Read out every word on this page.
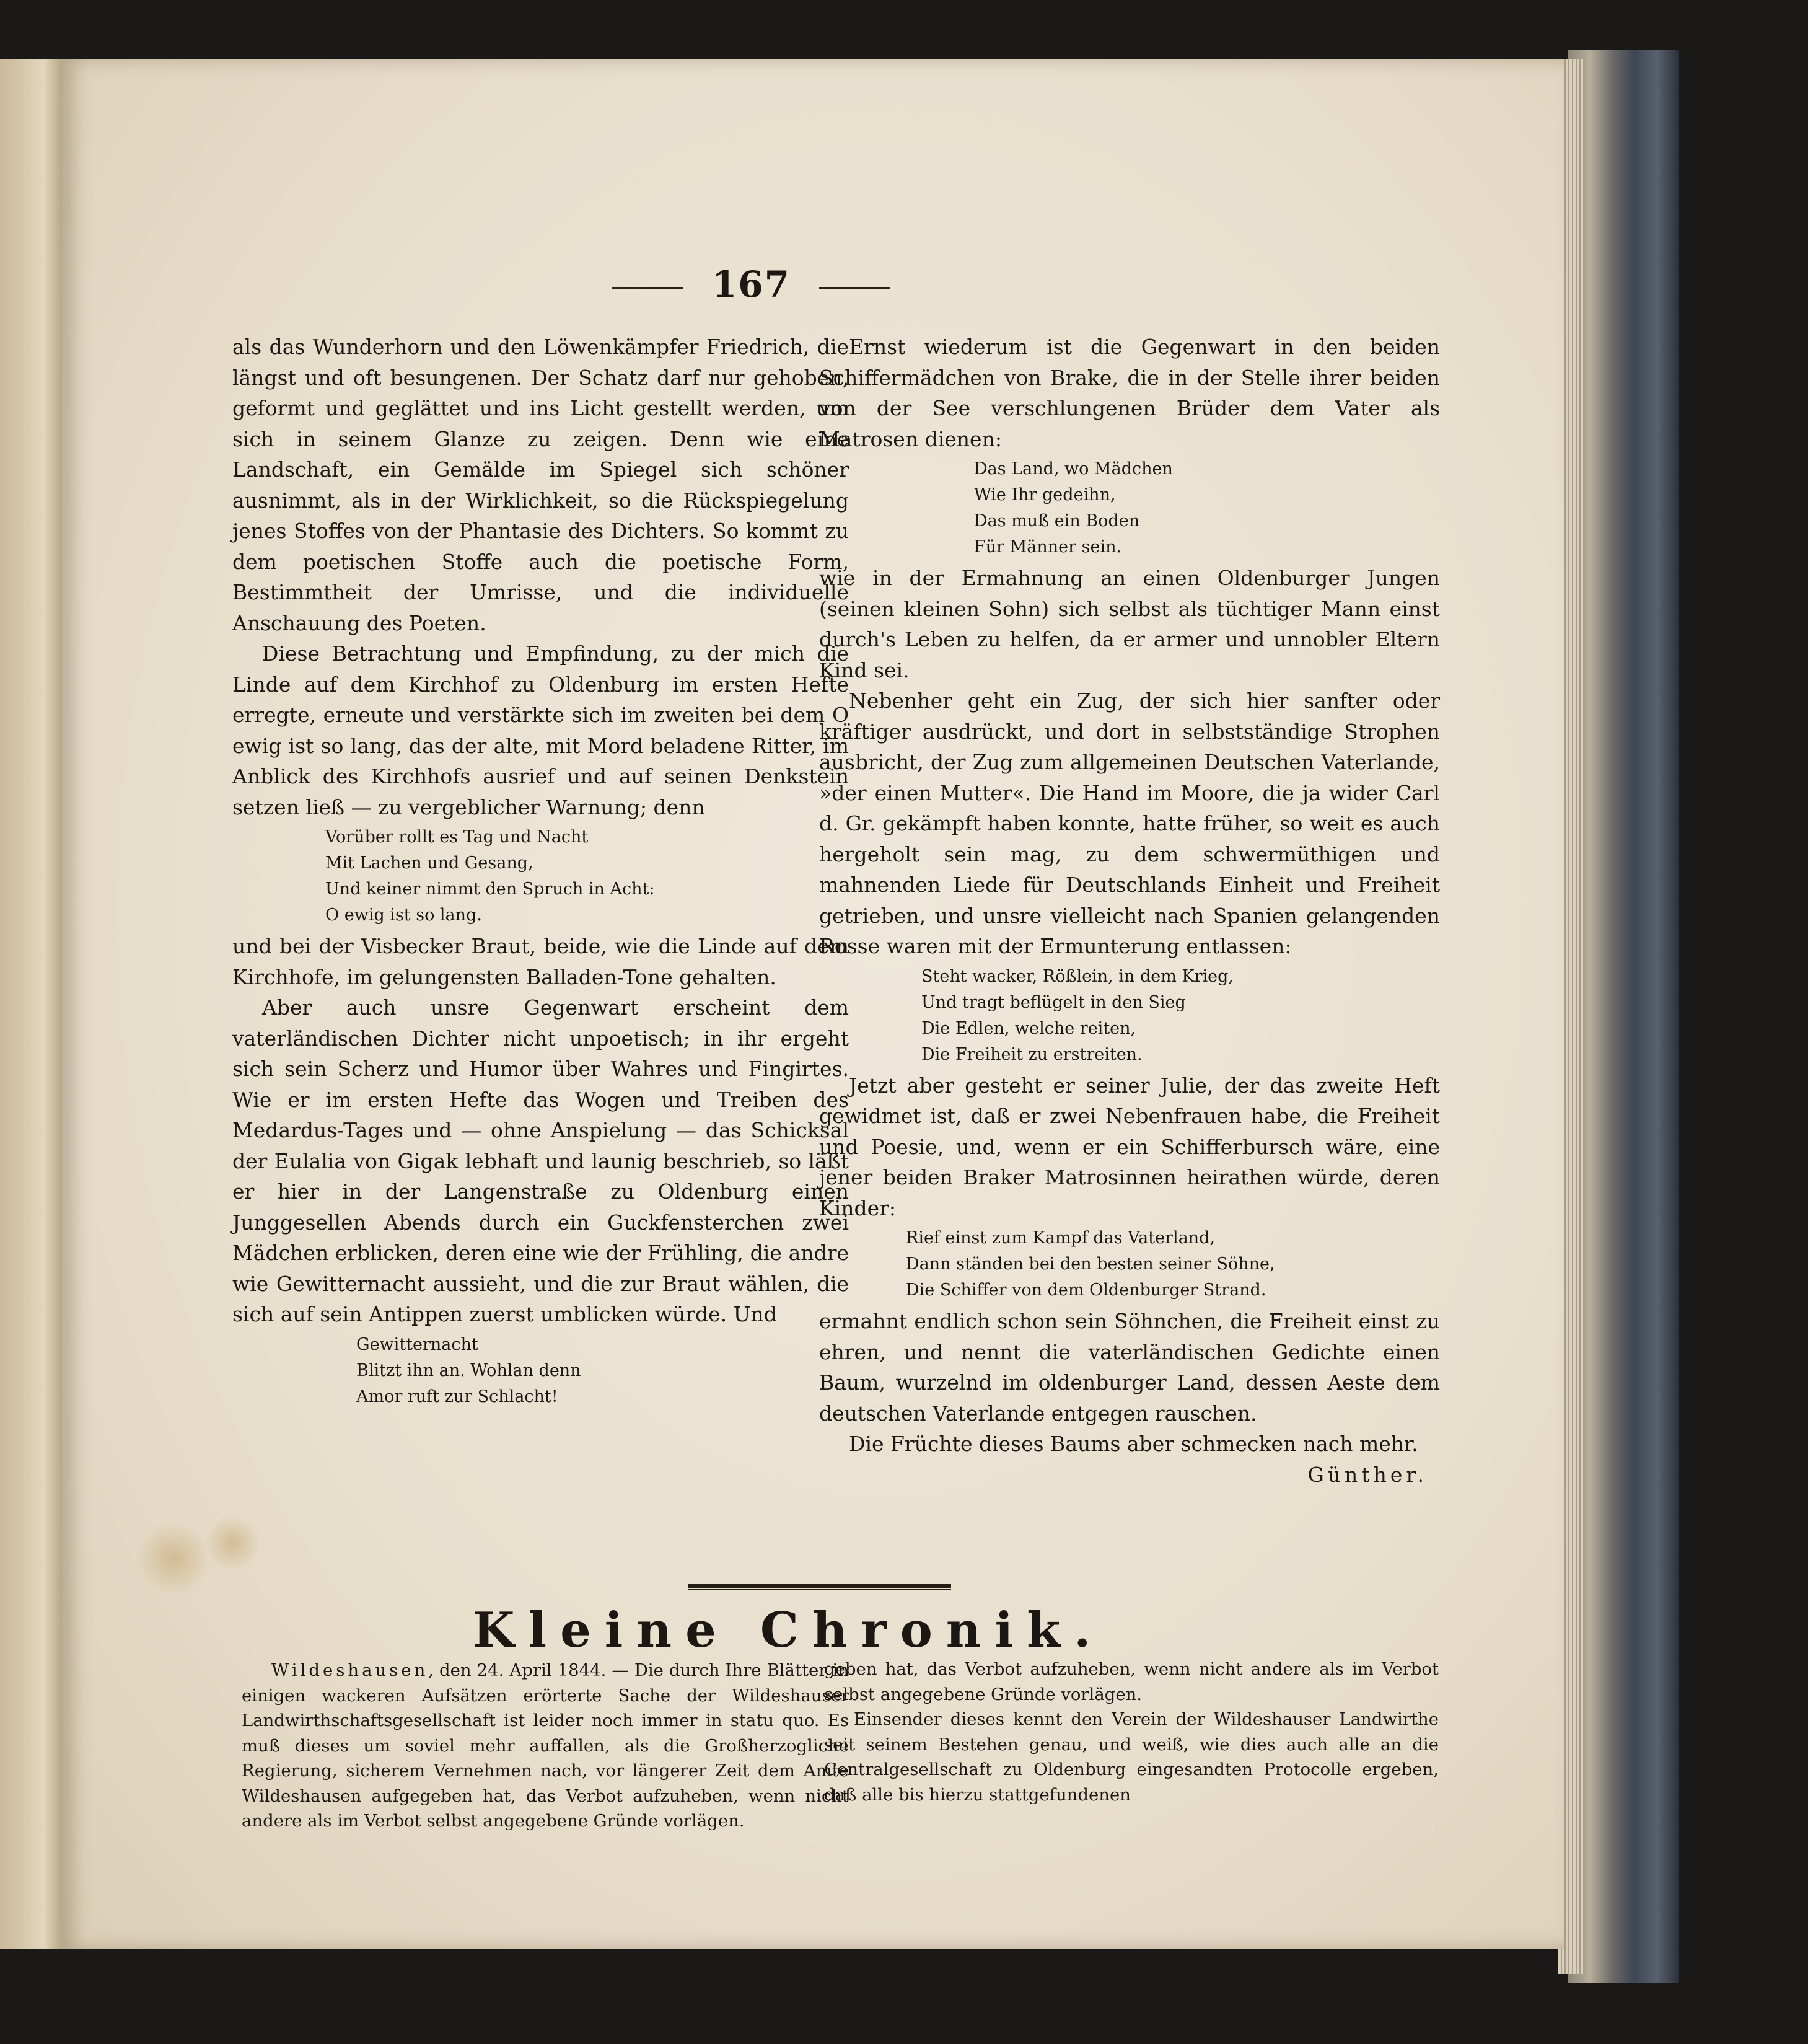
167

als das Wunderhorn und den Löwenkämpfer Friedrich, die längst und oft besungenen. Der Schatz darf nur gehoben, geformt und geglättet und ins Licht gestellt werden, um sich in seinem Glanze zu zeigen. Denn wie eine Landschaft, ein Gemälde im Spiegel sich schöner ausnimmt, als in der Wirklichkeit, so die Rückspiegelung jenes Stoffes von der Phantasie des Dichters. So kommt zu dem poetischen Stoffe auch die poetische Form, Bestimmtheit der Umrisse, und die individuelle Anschauung des Poeten.

Diese Betrachtung und Empfindung, zu der mich die Linde auf dem Kirchhof zu Oldenburg im ersten Hefte erregte, erneute und verstärkte sich im zweiten bei dem O ewig ist so lang, das der alte, mit Mord beladene Ritter, im Anblick des Kirchhofs ausrief und auf seinen Denkstein setzen ließ — zu vergeblicher Warnung; denn

Vorüber rollt es Tag und Nacht
Mit Lachen und Gesang,
Und keiner nimmt den Spruch in Acht:
O ewig ist so lang.

und bei der Visbecker Braut, beide, wie die Linde auf dem Kirchhofe, im gelungensten Balladen-Tone gehalten.

Aber auch unsre Gegenwart erscheint dem vaterländischen Dichter nicht unpoetisch; in ihr ergeht sich sein Scherz und Humor über Wahres und Fingirtes. Wie er im ersten Hefte das Wogen und Treiben des Medardus-Tages und — ohne Anspielung — das Schicksal der Eulalia von Gigak lebhaft und launig beschrieb, so läßt er hier in der Langenstraße zu Oldenburg einen Junggesellen Abends durch ein Guckfensterchen zwei Mädchen erblicken, deren eine wie der Frühling, die andre wie Gewitternacht aussieht, und die zur Braut wählen, die sich auf sein Antippen zuerst umblicken würde. Und

Gewitternacht
Blitzt ihn an. Wohlan denn
Amor ruft zur Schlacht!

Ernst wiederum ist die Gegenwart in den beiden Schiffermädchen von Brake, die in der Stelle ihrer beiden von der See verschlungenen Brüder dem Vater als Matrosen dienen:

Das Land, wo Mädchen
Wie Ihr gedeihn,
Das muß ein Boden
Für Männer sein.

wie in der Ermahnung an einen Oldenburger Jungen (seinen kleinen Sohn) sich selbst als tüchtiger Mann einst durch's Leben zu helfen, da er armer und unnobler Eltern Kind sei.

Nebenher geht ein Zug, der sich hier sanfter oder kräftiger ausdrückt, und dort in selbstständige Strophen ausbricht, der Zug zum allgemeinen Deutschen Vaterlande, »der einen Mutter«. Die Hand im Moore, die ja wider Carl d. Gr. gekämpft haben konnte, hatte früher, so weit es auch hergeholt sein mag, zu dem schwermüthigen und mahnenden Liede für Deutschlands Einheit und Freiheit getrieben, und unsre vielleicht nach Spanien gelangenden Rosse waren mit der Ermunterung entlassen:

Steht wacker, Rößlein, in dem Krieg,
Und tragt beflügelt in den Sieg
Die Edlen, welche reiten,
Die Freiheit zu erstreiten.

Jetzt aber gesteht er seiner Julie, der das zweite Heft gewidmet ist, daß er zwei Nebenfrauen habe, die Freiheit und Poesie, und, wenn er ein Schifferbursch wäre, eine jener beiden Braker Matrosinnen heirathen würde, deren Kinder:

Rief einst zum Kampf das Vaterland,
Dann ständen bei den besten seiner Söhne,
Die Schiffer von dem Oldenburger Strand.

ermahnt endlich schon sein Söhnchen, die Freiheit einst zu ehren, und nennt die vaterländischen Gedichte einen Baum, wurzelnd im oldenburger Land, dessen Aeste dem deutschen Vaterlande entgegen rauschen.

Die Früchte dieses Baums aber schmecken nach mehr.

Günther.
Kleine Chronik.

Wildeshausen, den 24. April 1844. — Die durch Ihre Blätter in einigen wackeren Aufsätzen erörterte Sache der Wildeshauser Landwirthschaftsgesellschaft ist leider noch immer in statu quo. Es muß dieses um soviel mehr auffallen, als die Großherzogliche Regierung, sicherem Vernehmen nach, vor längerer Zeit dem Amte Wildeshausen aufgegeben hat, das Verbot aufzuheben, wenn nicht andere als im Verbot selbst angegebene Gründe vorlägen.

geben hat, das Verbot aufzuheben, wenn nicht andere als im Verbot selbst angegebene Gründe vorlägen.

Einsender dieses kennt den Verein der Wildeshauser Landwirthe seit seinem Bestehen genau, und weiß, wie dies auch alle an die Centralgesellschaft zu Oldenburg eingesandten Protocolle ergeben, daß alle bis hierzu stattgefundenen
